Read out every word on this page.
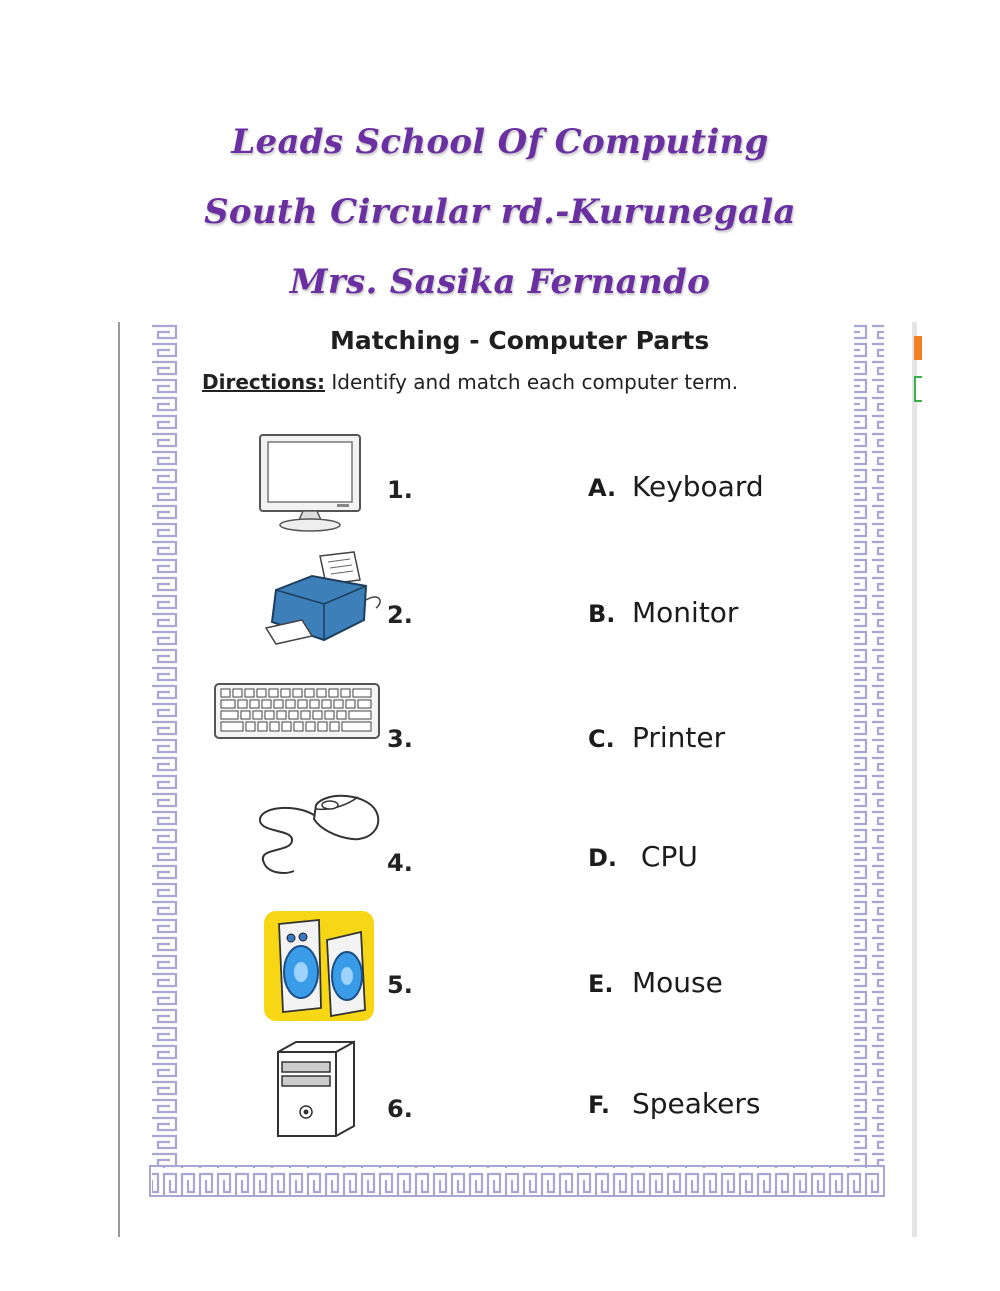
Leads School Of Computing
South Circular rd.-Kurunegala
Mrs. Sasika Fernando
Matching - Computer Parts
Directions: Identify and match each computer term.
1.
2.
3.
4.
5.
6.
A. Keyboard
B. Monitor
C. Printer
D. CPU
E. Mouse
F. Speakers
